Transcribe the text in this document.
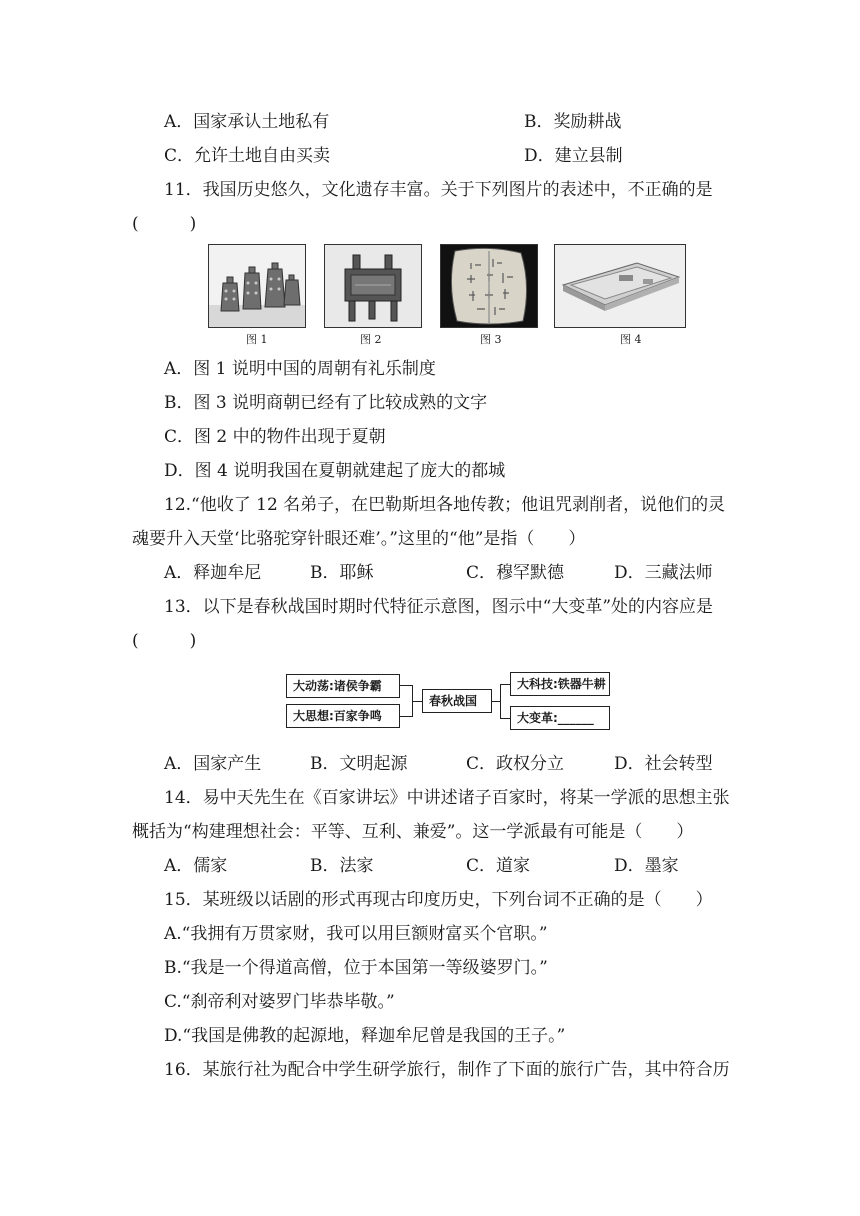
A．国家承认土地私有	B．奖励耕战
C．允许土地自由买卖	D．建立县制
11．我国历史悠久，文化遗存丰富。关于下列图片的表述中，不正确的是
(　　　)
图 1	图 2	图 3	图 4
A．图 1 说明中国的周朝有礼乐制度
B．图 3 说明商朝已经有了比较成熟的文字
C．图 2 中的物件出现于夏朝
D．图 4 说明我国在夏朝就建起了庞大的都城
12.“他收了 12 名弟子，在巴勒斯坦各地传教；他诅咒剥削者，说他们的灵
魂要升入天堂‘比骆驼穿针眼还难’。”这里的“他”是指（　　）
A．释迦牟尼	B．耶稣	C．穆罕默德	D．三藏法师
13．以下是春秋战国时期时代特征示意图，图示中“大变革”处的内容应是
(　　　)
大动荡:诸侯争霸
大思想:百家争鸣
春秋战国
大科技:铁器牛耕
大变革:______
A．国家产生	B．文明起源	C．政权分立	D．社会转型
14．易中天先生在《百家讲坛》中讲述诸子百家时，将某一学派的思想主张
概括为“构建理想社会：平等、互利、兼爱”。这一学派最有可能是（　　）
A．儒家	B．法家	C．道家	D．墨家
15．某班级以话剧的形式再现古印度历史，下列台词不正确的是（　　）
A.“我拥有万贯家财，我可以用巨额财富买个官职。”
B.“我是一个得道高僧，位于本国第一等级婆罗门。”
C.“刹帝利对婆罗门毕恭毕敬。”
D.“我国是佛教的起源地，释迦牟尼曾是我国的王子。”
16．某旅行社为配合中学生研学旅行，制作了下面的旅行广告，其中符合历
